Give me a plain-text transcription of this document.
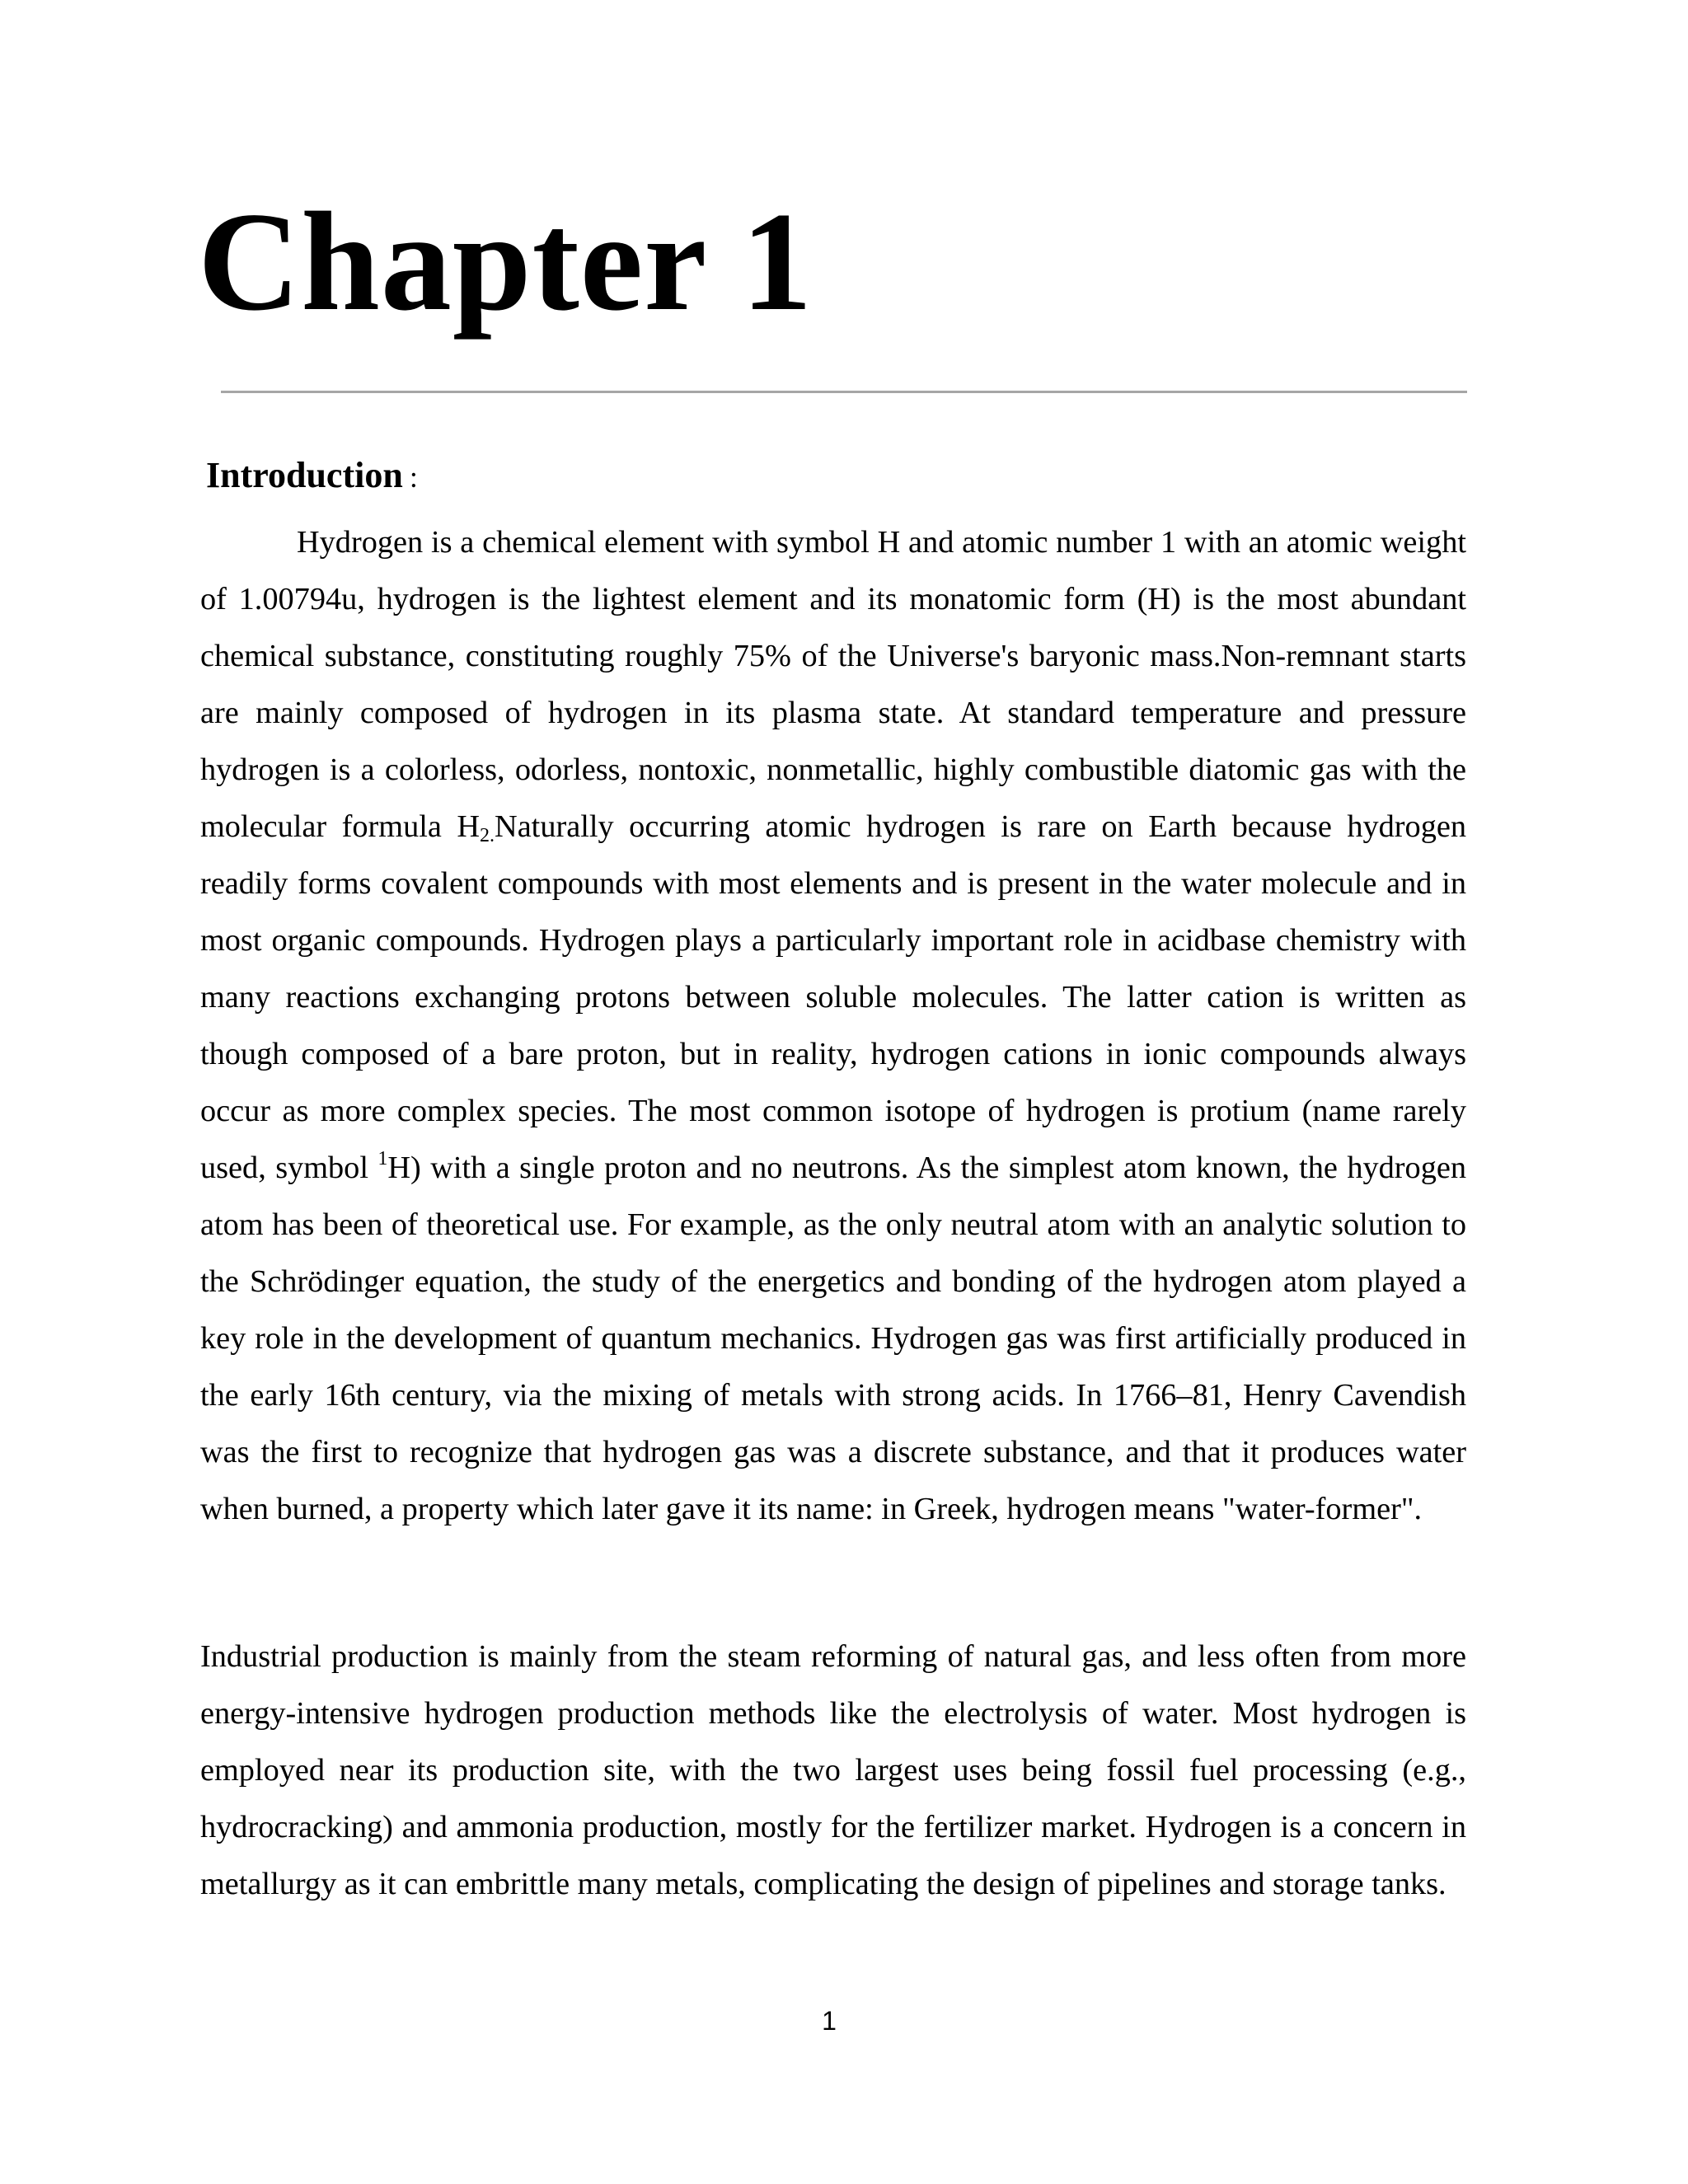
Chapter 1
Introduction :

Hydrogen is a chemical element with symbol H and atomic number 1 with an atomic weight of 1.00794u, hydrogen is the lightest element and its monatomic form (H) is the most abundant chemical substance, constituting roughly 75% of the Universe's baryonic mass.Non-remnant starts are mainly composed of hydrogen in its plasma state. At standard temperature and pressure hydrogen is a colorless, odorless, nontoxic, nonmetallic, highly combustible diatomic gas with the molecular formula $H_{2.}Naturally$ occurring atomic hydrogen is rare on Earth because hydrogen readily forms covalent compounds with most elements and is present in the water molecule and in most organic compounds. Hydrogen plays a particularly important role in acidbase chemistry with many reactions exchanging protons between soluble molecules. The latter cation is written as though composed of a bare proton, but in reality, hydrogen cations in ionic compounds always occur as more complex species. The most common isotope of hydrogen is protium (name rarely used, symbol $^1$H) with a single proton and no neutrons. As the simplest atom known, the hydrogen atom has been of theoretical use. For example, as the only neutral atom with an analytic solution to the Schrödinger equation, the study of the energetics and bonding of the hydrogen atom played a key role in the development of quantum mechanics. Hydrogen gas was first artificially produced in the early 16th century, via the mixing of metals with strong acids. In 1766–81, Henry Cavendish was the first to recognize that hydrogen gas was a discrete substance, and that it produces water when burned, a property which later gave it its name: in Greek, hydrogen means "water-former".

Industrial production is mainly from the steam reforming of natural gas, and less often from more energy-intensive hydrogen production methods like the electrolysis of water. Most hydrogen is employed near its production site, with the two largest uses being fossil fuel processing (e.g., hydrocracking) and ammonia production, mostly for the fertilizer market. Hydrogen is a concern in metallurgy as it can embrittle many metals, complicating the design of pipelines and storage tanks.

1
